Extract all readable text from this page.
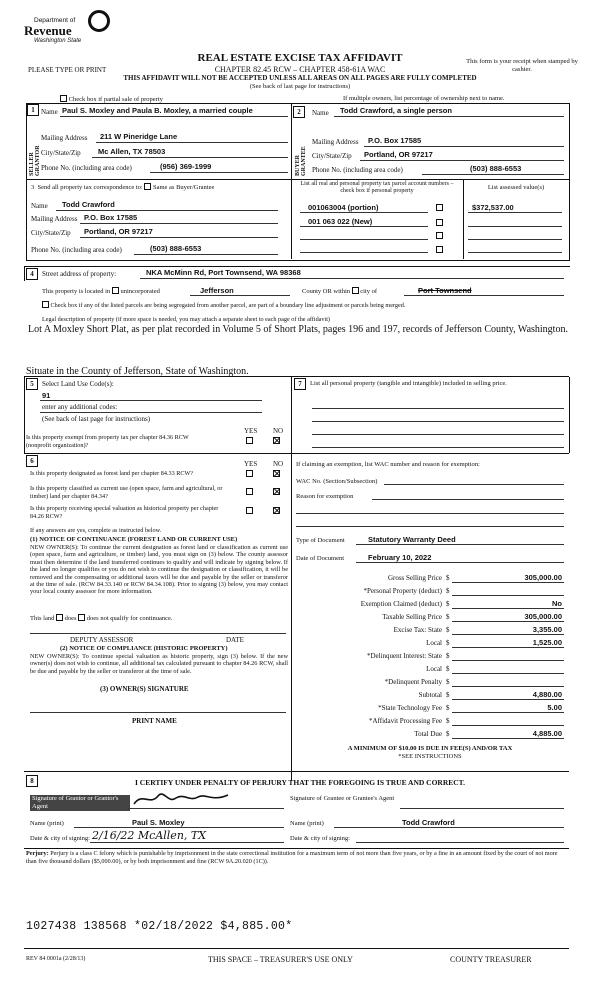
Department of
Revenue
Washington State
REAL ESTATE EXCISE TAX AFFIDAVIT
PLEASE TYPE OR PRINT	CHAPTER 82.45 RCW – CHAPTER 458-61A WAC
This form is your receipt when stamped by cashier.
THIS AFFIDAVIT WILL NOT BE ACCEPTED UNLESS ALL AREAS ON ALL PAGES ARE FULLY COMPLETED
(See back of last page for instructions)
Check box if partial sale of property	If multiple owners, list percentage of ownership next to name.
1
SELLER GRANTOR
Name Paul S. Moxley and Paula B. Moxley, a married couple
Mailing Address 211 W Pineridge Lane
City/State/Zip Mc Allen, TX 78503
Phone No. (including area code)	(956) 369-1999
2
BUYER GRANTEE
Name Todd Crawford, a single person
Mailing Address P.O. Box 17585
City/State/Zip Portland, OR 97217
Phone No. (including area code)	(503) 888-6553
3 Send all property tax correspondence to: Same as Buyer/Grantee
Name Todd Crawford
Mailing Address P.O. Box 17585
City/State/Zip Portland, OR 97217
Phone No. (including area code)	(503) 888-6553
List all real and personal property tax parcel account numbers – check box if personal property	List assessed value(s)
001063004 (portion)	$372,537.00
001 063 022 (New)
4	Street address of property:	NKA McMinn Rd, Port Townsend, WA 98368
This property is located in unincorporated	Jefferson	County OR within city of	Port Townsend
Check box if any of the listed parcels are being segregated from another parcel, are part of a boundary line adjustment or parcels being merged.
Legal description of property (if more space is needed, you may attach a separate sheet to each page of the affidavit)
Lot A Moxley Short Plat, as per plat recorded in Volume 5 of Short Plats, pages 196 and 197, records of Jefferson County, Washington.
Situate in the County of Jefferson, State of Washington.
5	Select Land Use Code(s):
91
enter any additional codes:
(See back of last page for instructions)
YES NO
Is this property exempt from property tax per chapter 84.36 RCW (nonprofit organization)?
6	YES NO
Is this property designated as forest land per chapter 84.33 RCW?
Is this property classified as current use (open space, farm and agricultural, or timber) land per chapter 84.34?
Is this property receiving special valuation as historical property per chapter 84.26 RCW?
If any answers are yes, complete as instructed below.
(1) NOTICE OF CONTINUANCE (FOREST LAND OR CURRENT USE)
NEW OWNER(S): To continue the current designation as forest land or classification as current use (open space, farm and agriculture, or timber) land, you must sign on (3) below. The county assessor must then determine if the land transferred continues to qualify and will indicate by signing below. If the land no longer qualifies or you do not wish to continue the designation or classification, it will be removed and the compensating or additional taxes will be due and payable by the seller or transferor at the time of sale. (RCW 84.33.140 or RCW 84.34.108). Prior to signing (3) below, you may contact your local county assessor for more information.
This land does does not qualify for continuance.
DEPUTY ASSESSOR	DATE
(2) NOTICE OF COMPLIANCE (HISTORIC PROPERTY)
NEW OWNER(S): To continue special valuation as historic property, sign (3) below. If the new owner(s) does not wish to continue, all additional tax calculated pursuant to chapter 84.26 RCW, shall be due and payable by the seller or transferor at the time of sale.
(3) OWNER(S) SIGNATURE
PRINT NAME
7	List all personal property (tangible and intangible) included in selling price.
If claiming an exemption, list WAC number and reason for exemption:
WAC No. (Section/Subsection)
Reason for exemption
Type of Document	Statutory Warranty Deed
Date of Document	February 10, 2022
Gross Selling Price $	305,000.00
*Personal Property (deduct) $
Exemption Claimed (deduct) $	No
Taxable Selling Price $	305,000.00
Excise Tax: State $	3,355.00
Local $	1,525.00
*Delinquent Interest: State $
Local $
*Delinquent Penalty $
Subtotal $	4,880.00
*State Technology Fee $	5.00
*Affidavit Processing Fee $
Total Due $	4,885.00
A MINIMUM OF $10.00 IS DUE IN FEE(S) AND/OR TAX
*SEE INSTRUCTIONS
8	I CERTIFY UNDER PENALTY OF PERJURY THAT THE FOREGOING IS TRUE AND CORRECT.
Signature of Grantor or Grantor's Agent
Signature of Grantee or Grantee's Agent
Name (print)	Paul S. Moxley	Name (print)	Todd Crawford
Date & city of signing: 2/16/22 McAllen, TX	Date & city of signing:
Perjury: Perjury is a class C felony which is punishable by imprisonment in the state correctional institution for a maximum term of not more than five years, or by a fine in an amount fixed by the court of not more than five thousand dollars ($5,000.00), or by both imprisonment and fine (RCW 9A.20.020 (1C)).
1027438 138568 *02/18/2022 $4,885.00*
REV 84 0001a (2/28/13)	THIS SPACE – TREASURER'S USE ONLY	COUNTY TREASURER
